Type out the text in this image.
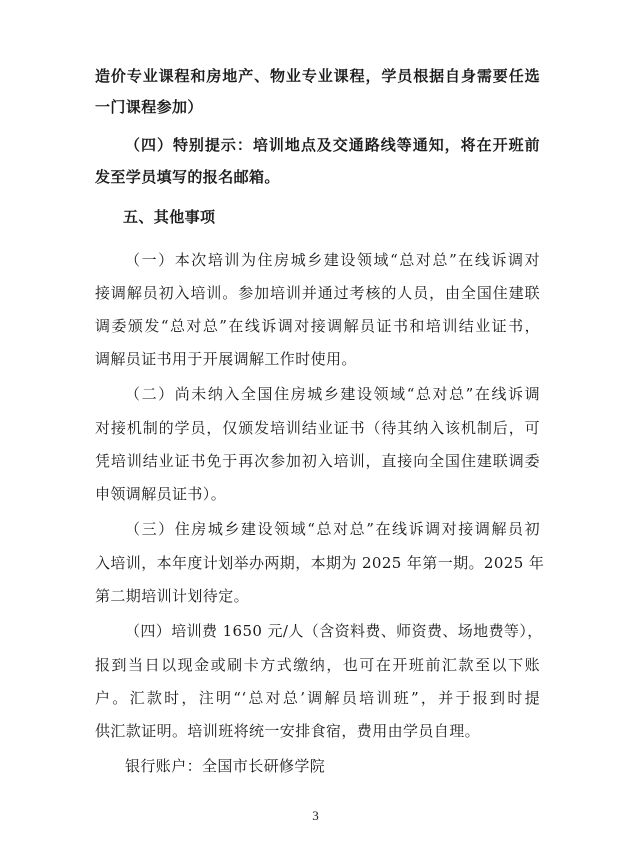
造价专业课程和房地产、物业专业课程，学员根据自身需要任选
一门课程参加）
（四）特别提示：培训地点及交通路线等通知，将在开班前
发至学员填写的报名邮箱。
五、其他事项
（一）本次培训为住房城乡建设领域“总对总”在线诉调对
接调解员初入培训。参加培训并通过考核的人员，由全国住建联
调委颁发“总对总”在线诉调对接调解员证书和培训结业证书，
调解员证书用于开展调解工作时使用。
（二）尚未纳入全国住房城乡建设领域“总对总”在线诉调
对接机制的学员，仅颁发培训结业证书（待其纳入该机制后，可
凭培训结业证书免于再次参加初入培训，直接向全国住建联调委
申领调解员证书）。
（三）住房城乡建设领域“总对总”在线诉调对接调解员初
入培训，本年度计划举办两期，本期为 2025 年第一期。2025 年
第二期培训计划待定。
（四）培训费 1650 元/人（含资料费、师资费、场地费等），
报到当日以现金或刷卡方式缴纳，也可在开班前汇款至以下账
户。汇款时，注明“‘总对总’调解员培训班”，并于报到时提
供汇款证明。培训班将统一安排食宿，费用由学员自理。
银行账户：全国市长研修学院
3
